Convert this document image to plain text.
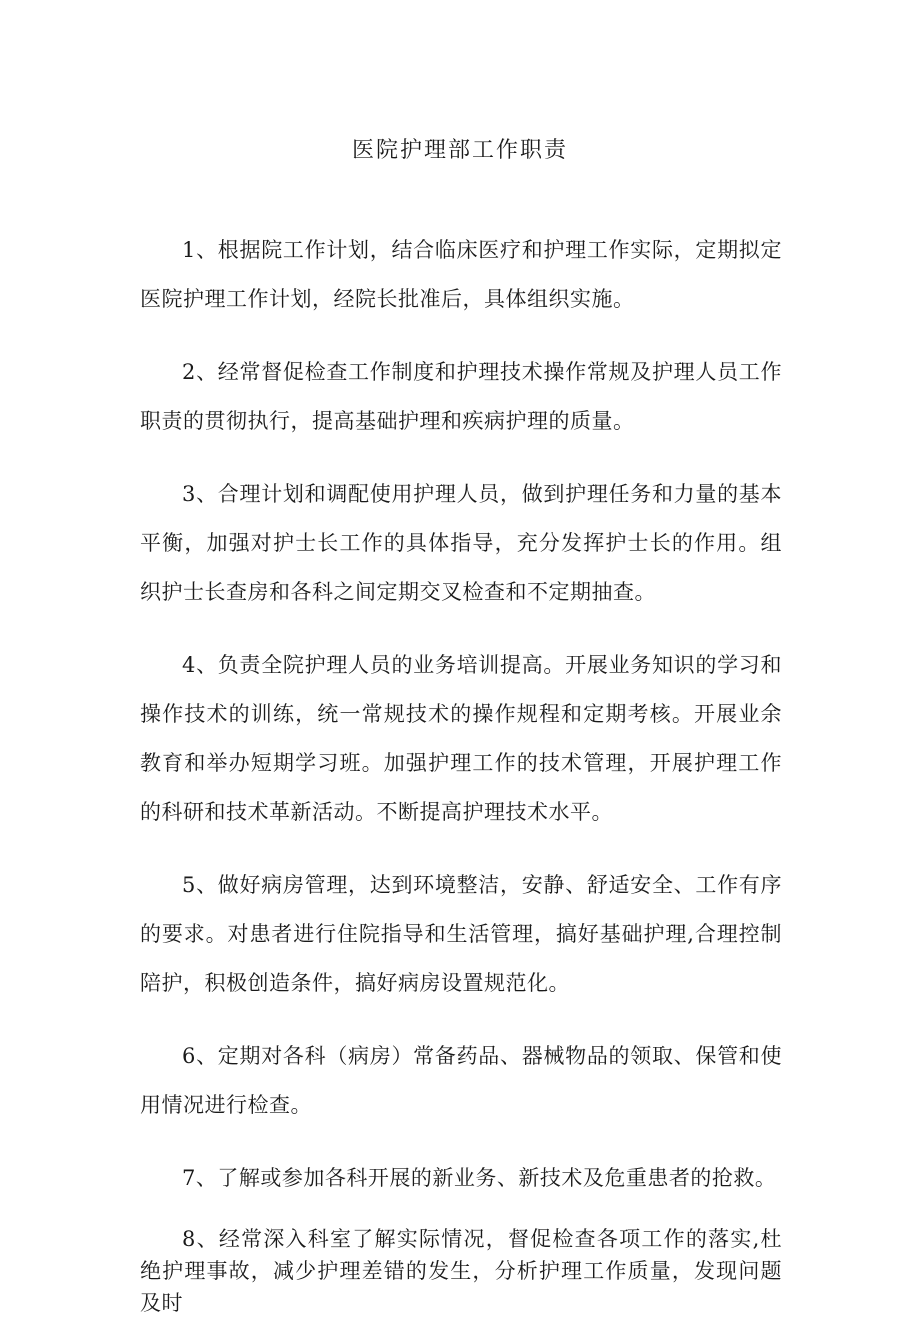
医院护理部工作职责

1、根据院工作计划，结合临床医疗和护理工作实际，定期拟定医院护理工作计划，经院长批准后，具体组织实施。

2、经常督促检查工作制度和护理技术操作常规及护理人员工作职责的贯彻执行，提高基础护理和疾病护理的质量。

3、合理计划和调配使用护理人员，做到护理任务和力量的基本平衡，加强对护士长工作的具体指导，充分发挥护士长的作用。组织护士长查房和各科之间定期交叉检查和不定期抽查。

4、负责全院护理人员的业务培训提高。开展业务知识的学习和操作技术的训练，统一常规技术的操作规程和定期考核。开展业余教育和举办短期学习班。加强护理工作的技术管理，开展护理工作的科研和技术革新活动。不断提高护理技术水平。

5、做好病房管理，达到环境整洁，安静、舒适安全、工作有序的要求。对患者进行住院指导和生活管理，搞好基础护理,合理控制陪护，积极创造条件，搞好病房设置规范化。

6、定期对各科（病房）常备药品、器械物品的领取、保管和使用情况进行检查。

7、了解或参加各科开展的新业务、新技术及危重患者的抢救。

8、经常深入科室了解实际情况，督促检查各项工作的落实,杜绝护理事故，减少护理差错的发生，分析护理工作质量，发现问题及时
